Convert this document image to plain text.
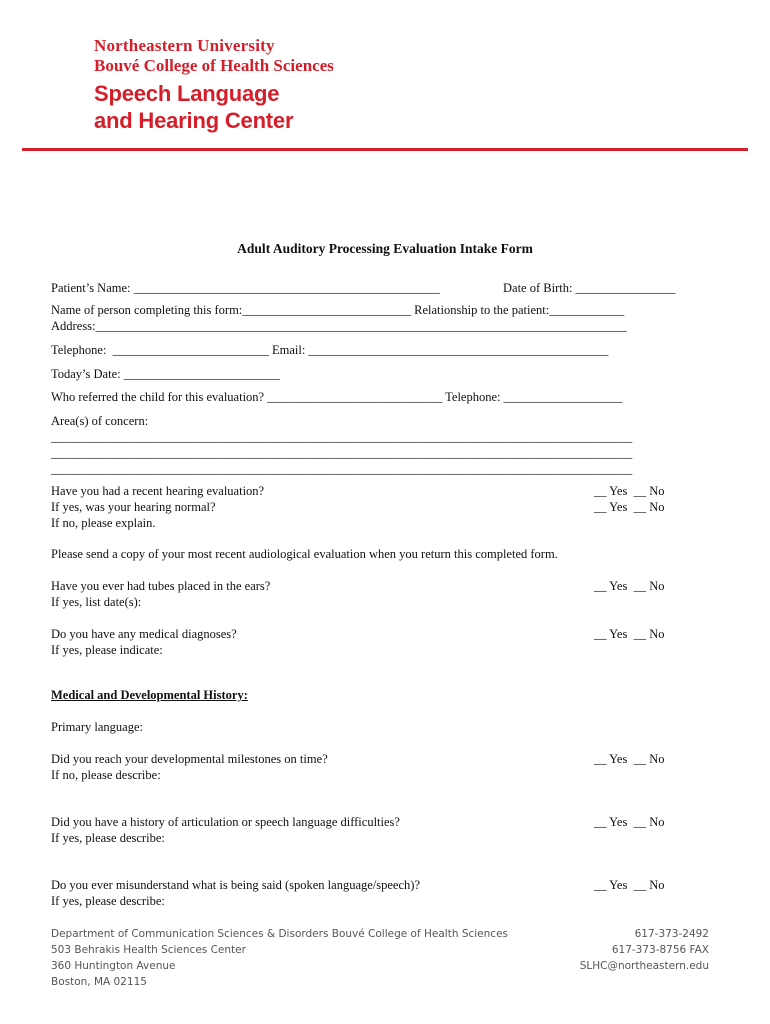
Northeastern University
Bouvé College of Health Sciences
Speech Language
and Hearing Center
Adult Auditory Processing Evaluation Intake Form
Patient’s Name: _________________________________________________	Date of Birth: ________________
Name of person completing this form:___________________________ Relationship to the patient:____________
Address:_____________________________________________________________________________________
Telephone:  _________________________ Email: ________________________________________________
Today’s Date: _________________________
Who referred the child for this evaluation? ____________________________ Telephone: ___________________
Area(s) of concern:
_____________________________________________________________________________________________
_____________________________________________________________________________________________
_____________________________________________________________________________________________
Have you had a recent hearing evaluation?	__ Yes  __ No
If yes, was your hearing normal?	__ Yes  __ No
If no, please explain.
Please send a copy of your most recent audiological evaluation when you return this completed form.
Have you ever had tubes placed in the ears?	__ Yes  __ No
If yes, list date(s):
Do you have any medical diagnoses?	__ Yes  __ No
If yes, please indicate:
Medical and Developmental History:
Primary language:
Did you reach your developmental milestones on time?	__ Yes  __ No
If no, please describe:
Did you have a history of articulation or speech language difficulties?	__ Yes  __ No
If yes, please describe:
Do you ever misunderstand what is being said (spoken language/speech)?	__ Yes  __ No
If yes, please describe:
Department of Communication Sciences & Disorders Bouvé College of Health Sciences
503 Behrakis Health Sciences Center
360 Huntington Avenue
Boston, MA 02115
617-373-2492
617-373-8756 FAX
SLHC@northeastern.edu
